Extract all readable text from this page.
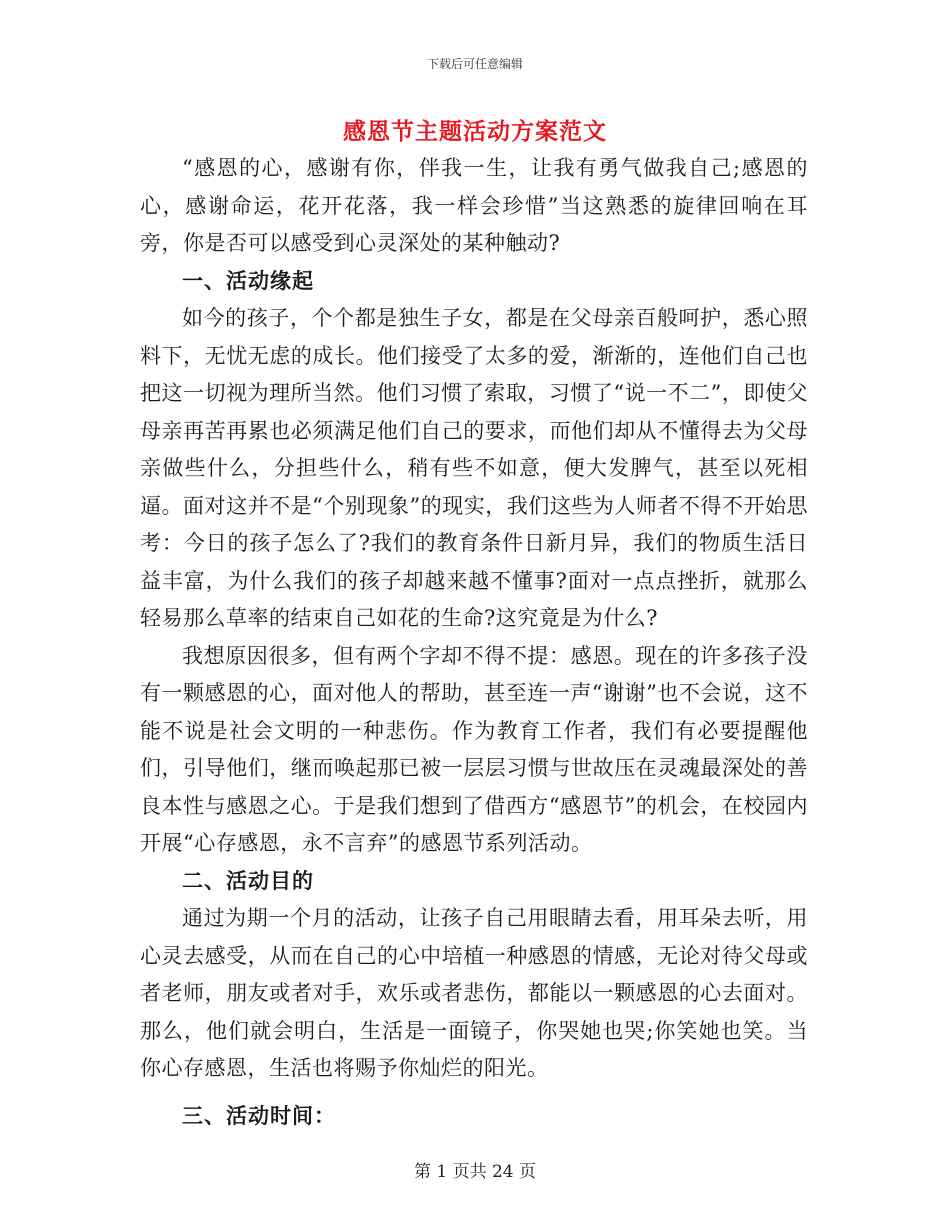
下载后可任意编辑
感恩节主题活动方案范文

“感恩的心，感谢有你，伴我一生，让我有勇气做我自己;感恩的心，感谢命运，花开花落，我一样会珍惜”当这熟悉的旋律回响在耳旁，你是否可以感受到心灵深处的某种触动?

一、活动缘起

如今的孩子，个个都是独生子女，都是在父母亲百般呵护，悉心照料下，无忧无虑的成长。他们接受了太多的爱，渐渐的，连他们自己也把这一切视为理所当然。他们习惯了索取，习惯了“说一不二”，即使父母亲再苦再累也必须满足他们自己的要求，而他们却从不懂得去为父母亲做些什么，分担些什么，稍有些不如意，便大发脾气，甚至以死相逼。面对这并不是“个别现象”的现实，我们这些为人师者不得不开始思考：今日的孩子怎么了?我们的教育条件日新月异，我们的物质生活日益丰富，为什么我们的孩子却越来越不懂事?面对一点点挫折，就那么轻易那么草率的结束自己如花的生命?这究竟是为什么?

我想原因很多，但有两个字却不得不提：感恩。现在的许多孩子没有一颗感恩的心，面对他人的帮助，甚至连一声“谢谢”也不会说，这不能不说是社会文明的一种悲伤。作为教育工作者，我们有必要提醒他们，引导他们，继而唤起那已被一层层习惯与世故压在灵魂最深处的善良本性与感恩之心。于是我们想到了借西方“感恩节”的机会，在校园内开展“心存感恩，永不言弃”的感恩节系列活动。

二、活动目的

通过为期一个月的活动，让孩子自己用眼睛去看，用耳朵去听，用心灵去感受，从而在自己的心中培植一种感恩的情感，无论对待父母或者老师，朋友或者对手，欢乐或者悲伤，都能以一颗感恩的心去面对。那么，他们就会明白，生活是一面镜子，你哭她也哭;你笑她也笑。当你心存感恩，生活也将赐予你灿烂的阳光。

三、活动时间：

第 1 页共 24 页
